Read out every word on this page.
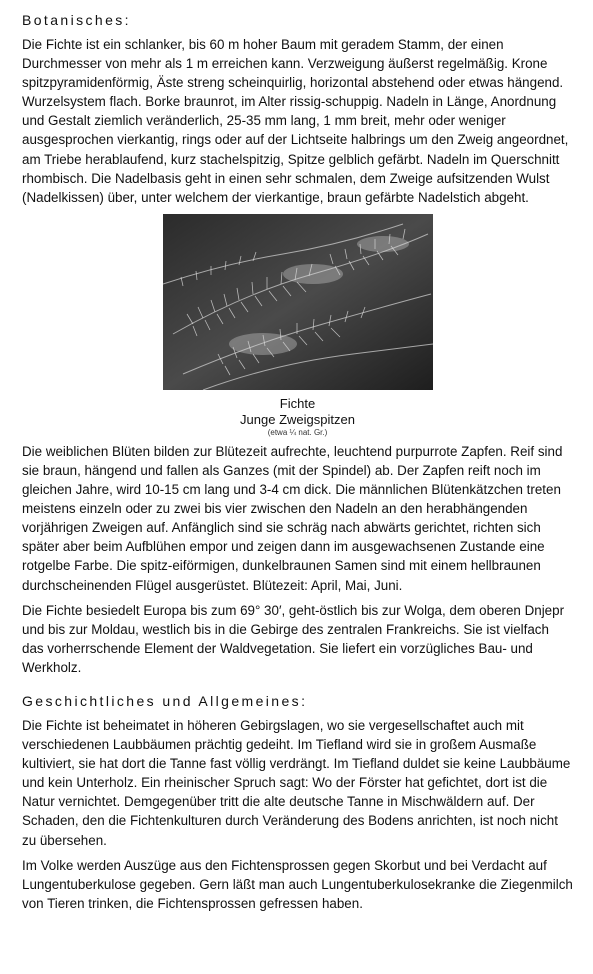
Botanisches:

Die Fichte ist ein schlanker, bis 60 m hoher Baum mit geradem Stamm, der einen Durchmesser von mehr als 1 m erreichen kann. Verzweigung äußerst regelmäßig. Krone spitzpyramidenförmig, Äste streng scheinquirlig, horizontal abstehend oder etwas hängend. Wurzelsystem flach. Borke braunrot, im Alter rissig-schuppig. Nadeln in Länge, Anordnung und Gestalt ziemlich veränderlich, 25-35 mm lang, 1 mm breit, mehr oder weniger ausgesprochen vierkantig, rings oder auf der Lichtseite halbrings um den Zweig angeordnet, am Triebe herablaufend, kurz stachelspitzig, Spitze gelblich gefärbt. Nadeln im Querschnitt rhombisch. Die Nadelbasis geht in einen sehr schmalen, dem Zweige aufsitzenden Wulst (Nadelkissen) über, unter welchem der vierkantige, braun gefärbte Nadelstich abgeht.

Fichte
Junge Zweigspitzen
(etwa ¼ nat. Gr.)

Die weiblichen Blüten bilden zur Blütezeit aufrechte, leuchtend purpurrote Zapfen. Reif sind sie braun, hängend und fallen als Ganzes (mit der Spindel) ab. Der Zapfen reift noch im gleichen Jahre, wird 10-15 cm lang und 3-4 cm dick. Die männlichen Blütenkätzchen treten meistens einzeln oder zu zwei bis vier zwischen den Nadeln an den herabhängenden vorjährigen Zweigen auf. Anfänglich sind sie schräg nach abwärts gerichtet, richten sich später aber beim Aufblühen empor und zeigen dann im ausgewachsenen Zustande eine rotgelbe Farbe. Die spitz-eiförmigen, dunkelbraunen Samen sind mit einem hellbraunen durchscheinenden Flügel ausgerüstet. Blütezeit: April, Mai, Juni.

Die Fichte besiedelt Europa bis zum 69° 30′, geht-östlich bis zur Wolga, dem oberen Dnjepr und bis zur Moldau, westlich bis in die Gebirge des zentralen Frankreichs. Sie ist vielfach das vorherrschende Element der Waldvegetation. Sie liefert ein vorzügliches Bau- und Werkholz.

Geschichtliches und Allgemeines:

Die Fichte ist beheimatet in höheren Gebirgslagen, wo sie vergesellschaftet auch mit verschiedenen Laubbäumen prächtig gedeiht. Im Tiefland wird sie in großem Ausmaße kultiviert, sie hat dort die Tanne fast völlig verdrängt. Im Tiefland duldet sie keine Laubbäume und kein Unterholz. Ein rheinischer Spruch sagt: Wo der Förster hat gefichtet, dort ist die Natur vernichtet. Demgegenüber tritt die alte deutsche Tanne in Mischwäldern auf. Der Schaden, den die Fichtenkulturen durch Veränderung des Bodens anrichten, ist noch nicht zu übersehen.

Im Volke werden Auszüge aus den Fichtensprossen gegen Skorbut und bei Verdacht auf Lungentuberkulose gegeben. Gern läßt man auch Lungentuberkulosekranke die Ziegenmilch von Tieren trinken, die Fichtensprossen gefressen haben.
